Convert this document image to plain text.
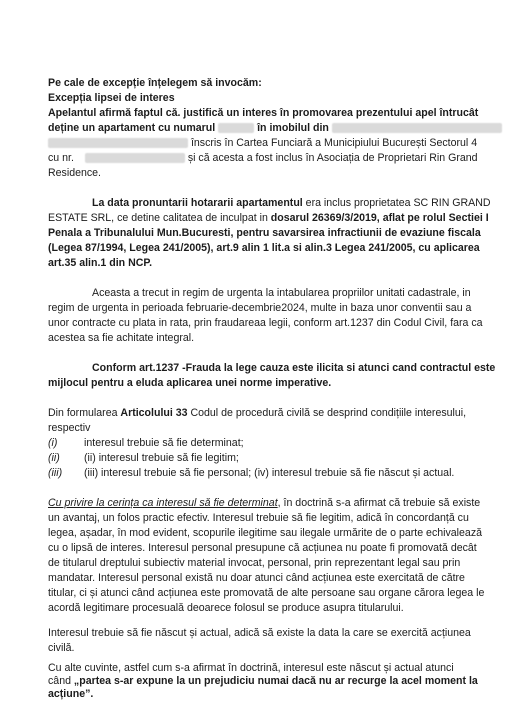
Pe cale de excepție înțelegem să invocăm:
Excepția lipsei de interes
Apelantul afirmă faptul că. justifică un interes în promovarea prezentului apel întrucât
deține un apartament cu numarul	în imobilul din
înscris în Cartea Funciară a Municipiului București Sectorul 4
cu nr.	și că acesta a fost inclus în Asociația de Proprietari Rin Grand
Residence.
La data pronuntarii hotararii apartamentul era inclus proprietatea SC RIN GRAND
ESTATE SRL, ce detine calitatea de inculpat in dosarul 26369/3/2019, aflat pe rolul Sectiei I
Penala a Tribunalului Mun.Bucuresti, pentru savarsirea infractiunii de evaziune fiscala
(Legea 87/1994, Legea 241/2005), art.9 alin 1 lit.a si alin.3 Legea 241/2005, cu aplicarea
art.35 alin.1 din NCP.
Aceasta a trecut in regim de urgenta la intabularea propriilor unitati cadastrale, in
regim de urgenta in perioada februarie-decembrie2024, multe in baza unor conventii sau a
unor contracte cu plata in rata, prin fraudareaa legii, conform art.1237 din Codul Civil, fara ca
acestea sa fie achitate integral.
Conform art.1237 -Frauda la lege cauza este ilicita si atunci cand contractul este
mijlocul pentru a eluda aplicarea unei norme imperative.
Din formularea Articolului 33 Codul de procedură civilă se desprind condițiile interesului,
respectiv
(i)	interesul trebuie să fie determinat;
(ii) (ii) interesul trebuie să fie legitim;
(iii) (iii) interesul trebuie să fie personal; (iv) interesul trebuie să fie născut și actual.
Cu privire la cerința ca interesul să fie determinat, în doctrină s-a afirmat că trebuie să existe
un avantaj, un folos practic efectiv. Interesul trebuie să fie legitim, adică în concordanță cu
legea, așadar, în mod evident, scopurile ilegitime sau ilegale urmărite de o parte echivalează
cu o lipsă de interes. Interesul personal presupune că acțiunea nu poate fi promovată decât
de titularul dreptului subiectiv material invocat, personal, prin reprezentant legal sau prin
mandatar. Interesul personal există nu doar atunci când acțiunea este exercitată de către
titular, ci și atunci când acțiunea este promovată de alte persoane sau organe cărora legea le
acordă legitimare procesuală deoarece folosul se produce asupra titularului.
Interesul trebuie să fie născut și actual, adică să existe la data la care se exercită acțiunea
civilă.
Cu alte cuvinte, astfel cum s-a afirmat în doctrină, interesul este născut și actual atunci
când „partea s-ar expune la un prejudiciu numai dacă nu ar recurge la acel moment la
acțiune”.
